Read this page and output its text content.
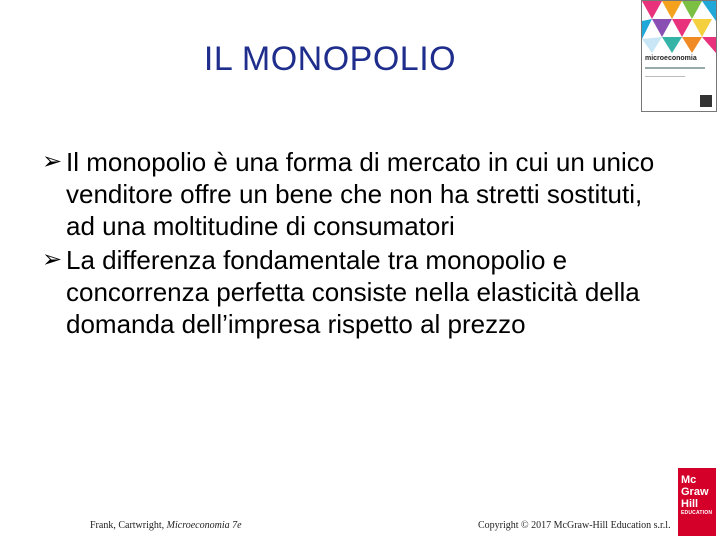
IL MONOPOLIO	microeconomia
➢ Il monopolio è una forma di mercato in cui un unico venditore offre un bene che non ha stretti sostituti, ad una moltitudine di consumatori
➢ La differenza fondamentale tra monopolio e concorrenza perfetta consiste nella elasticità della domanda dell’impresa rispetto al prezzo
Frank, Cartwright, Microeconomia 7e	Copyright © 2017 McGraw-Hill Education s.r.l.
Mc
Graw
Hill
EDUCATION
